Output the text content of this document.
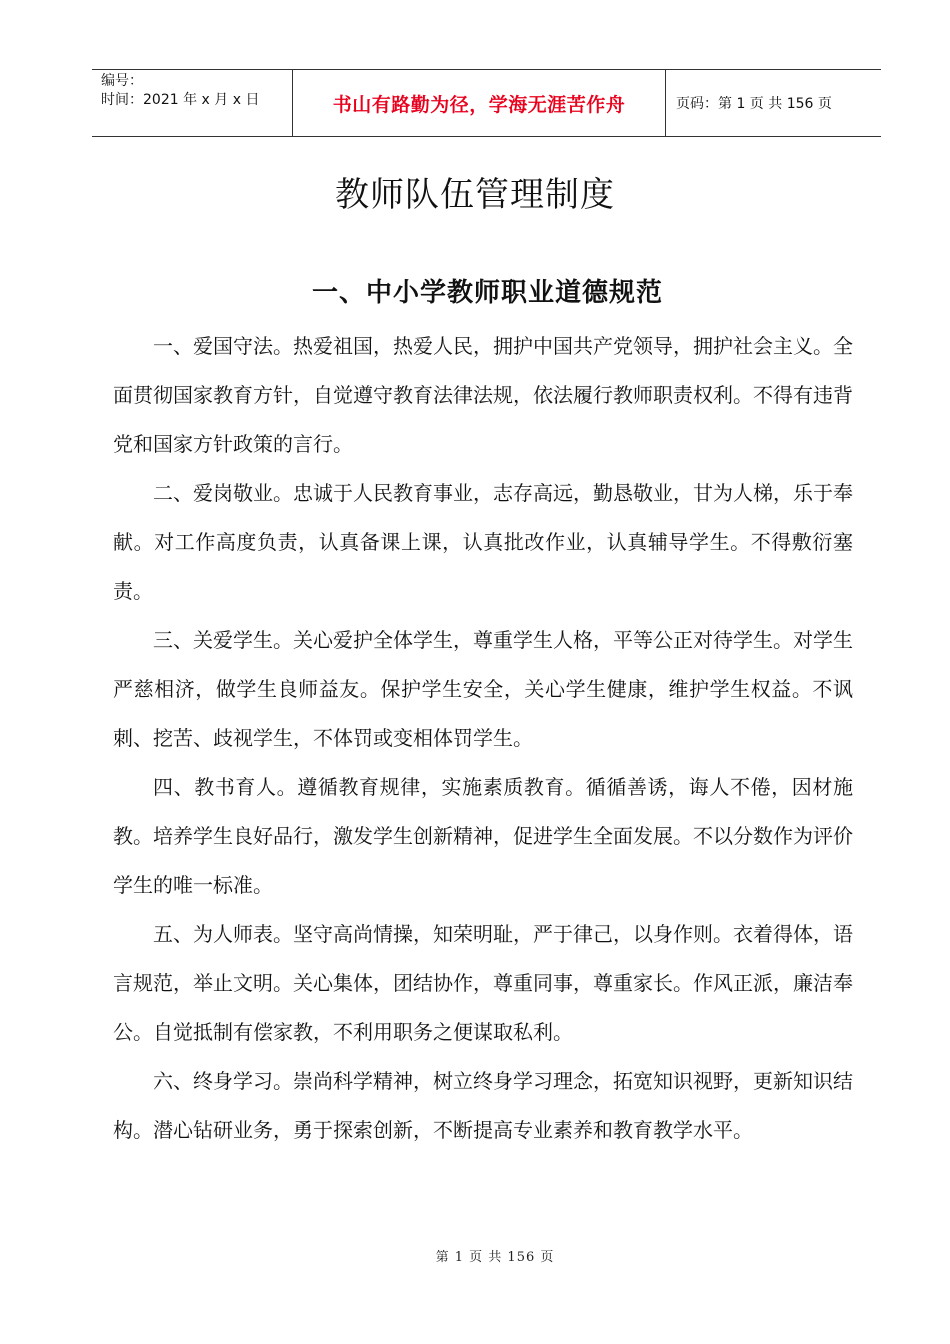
编号：
时间：2021 年 x 月 x 日	书山有路勤为径，学海无涯苦作舟	页码：第 1 页 共 156 页
教师队伍管理制度
一、中小学教师职业道德规范

一、爱国守法。热爱祖国，热爱人民，拥护中国共产党领导，拥护社会主义。全面贯彻国家教育方针，自觉遵守教育法律法规，依法履行教师职责权利。不得有违背党和国家方针政策的言行。

二、爱岗敬业。忠诚于人民教育事业，志存高远，勤恳敬业，甘为人梯，乐于奉献。对工作高度负责，认真备课上课，认真批改作业，认真辅导学生。不得敷衍塞责。

三、关爱学生。关心爱护全体学生，尊重学生人格，平等公正对待学生。对学生严慈相济，做学生良师益友。保护学生安全，关心学生健康，维护学生权益。不讽刺、挖苦、歧视学生，不体罚或变相体罚学生。

四、教书育人。遵循教育规律，实施素质教育。循循善诱，诲人不倦，因材施教。培养学生良好品行，激发学生创新精神，促进学生全面发展。不以分数作为评价学生的唯一标准。

五、为人师表。坚守高尚情操，知荣明耻，严于律己，以身作则。衣着得体，语言规范，举止文明。关心集体，团结协作，尊重同事，尊重家长。作风正派，廉洁奉公。自觉抵制有偿家教，不利用职务之便谋取私利。

六、终身学习。崇尚科学精神，树立终身学习理念，拓宽知识视野，更新知识结构。潜心钻研业务，勇于探索创新，不断提高专业素养和教育教学水平。

第 1 页 共 156 页
